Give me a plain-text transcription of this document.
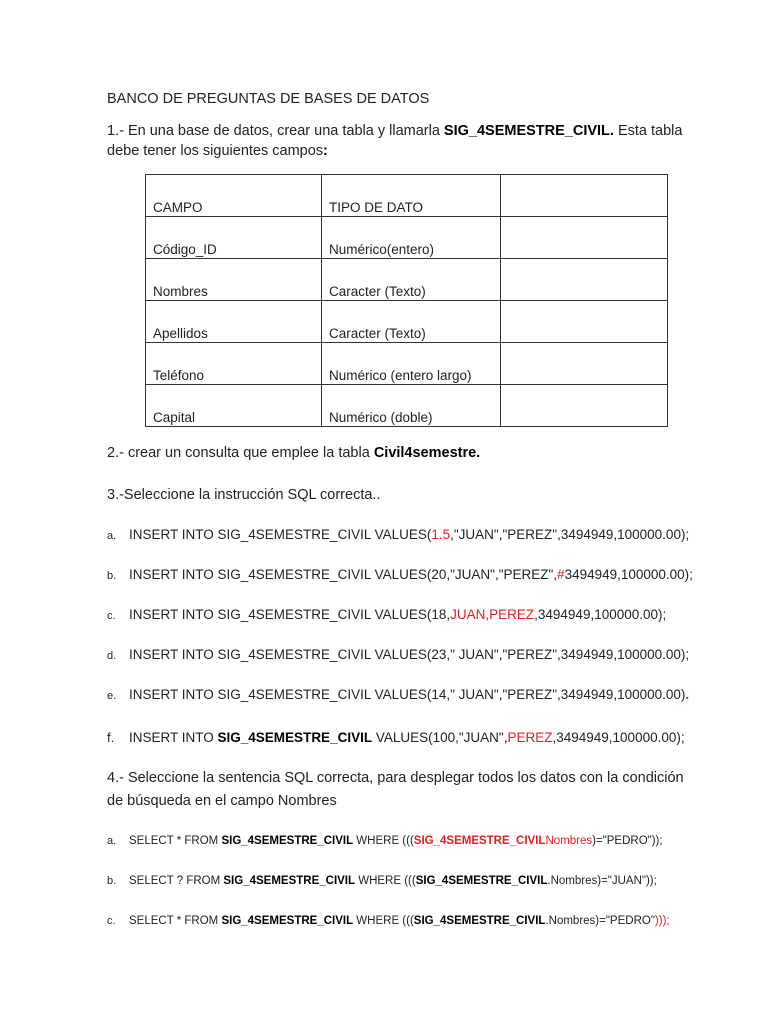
BANCO DE PREGUNTAS DE BASES DE DATOS
1.- En una base de datos, crear una tabla y llamarla SIG_4SEMESTRE_CIVIL. Esta tabla
debe tener los siguientes campos:
CAMPO	TIPO DE DATO	
Código_ID	Numérico(entero)	
Nombres	Caracter (Texto)	
Apellidos	Caracter (Texto)	
Teléfono	Numérico (entero largo)	
Capital	Numérico (doble)	
2.- crear un consulta que emplee la tabla Civil4semestre.
3.-Seleccione la instrucción SQL correcta..
a. INSERT INTO SIG_4SEMESTRE_CIVIL VALUES(1.5,"JUAN","PEREZ",3494949,100000.00);
b. INSERT INTO SIG_4SEMESTRE_CIVIL VALUES(20,"JUAN","PEREZ",#3494949,100000.00);
c. INSERT INTO SIG_4SEMESTRE_CIVIL VALUES(18,JUAN,PEREZ,3494949,100000.00);
d. INSERT INTO SIG_4SEMESTRE_CIVIL VALUES(23," JUAN","PEREZ",3494949,100000.00);
e. INSERT INTO SIG_4SEMESTRE_CIVIL VALUES(14," JUAN","PEREZ",3494949,100000.00).
f. INSERT INTO SIG_4SEMESTRE_CIVIL VALUES(100,"JUAN",PEREZ,3494949,100000.00);
4.- Seleccione la sentencia SQL correcta, para desplegar todos los datos con la condición
de búsqueda en el campo Nombres
a. SELECT * FROM SIG_4SEMESTRE_CIVIL WHERE (((SIG_4SEMESTRE_CIVILNombres)="PEDRO"));
b. SELECT ? FROM SIG_4SEMESTRE_CIVIL WHERE (((SIG_4SEMESTRE_CIVIL.Nombres)="JUAN"));
c. SELECT * FROM SIG_4SEMESTRE_CIVIL WHERE (((SIG_4SEMESTRE_CIVIL.Nombres)="PEDRO")));
